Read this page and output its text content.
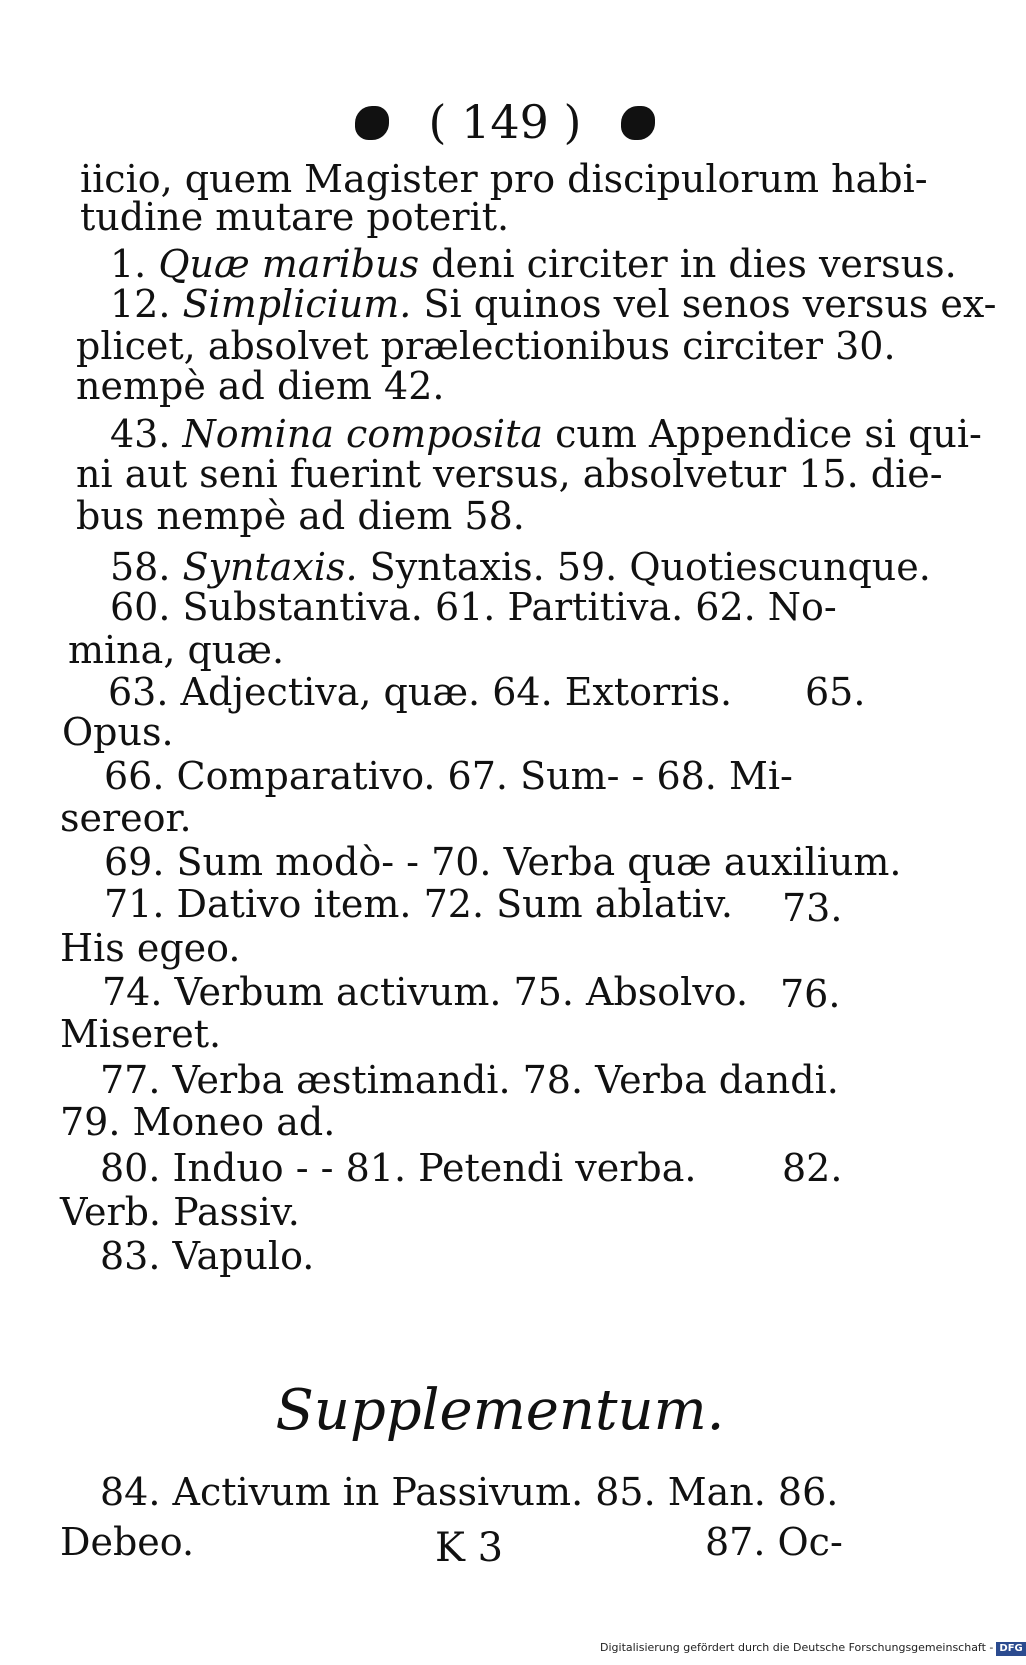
( 149 )
iicio, quem Magister pro discipulorum habi-
tudine mutare poterit.
1. Quæ maribus deni circiter in dies versus.
12. Simplicium. Si quinos vel senos versus ex-
plicet, absolvet prælectionibus circiter 30.
nempè ad diem 42.
43. Nomina composita cum Appendice si qui-
ni aut seni fuerint versus, absolvetur 15. die-
bus nempè ad diem 58.
58. Syntaxis. Syntaxis. 59. Quotiescunque.
60. Substantiva. 61. Partitiva. 62. No-
mina, quæ.
63. Adjectiva, quæ. 64. Extorris. 65.
Opus.
66. Comparativo. 67. Sum- - 68. Mi-
sereor.
69. Sum modò- - 70. Verba quæ auxilium.
71. Dativo item. 72. Sum ablativ. 73.
His egeo.
74. Verbum activum. 75. Absolvo. 76.
Miseret.
77. Verba æstimandi. 78. Verba dandi.
79. Moneo ad.
80. Induo - - 81. Petendi verba. 82.
Verb. Passiv.
83. Vapulo.
Supplementum.
84. Activum in Passivum. 85. Man. 86.
Debeo.	K 3	87. Oc-
Digitalisierung gefördert durch die Deutsche Forschungsgemeinschaft - DFG
